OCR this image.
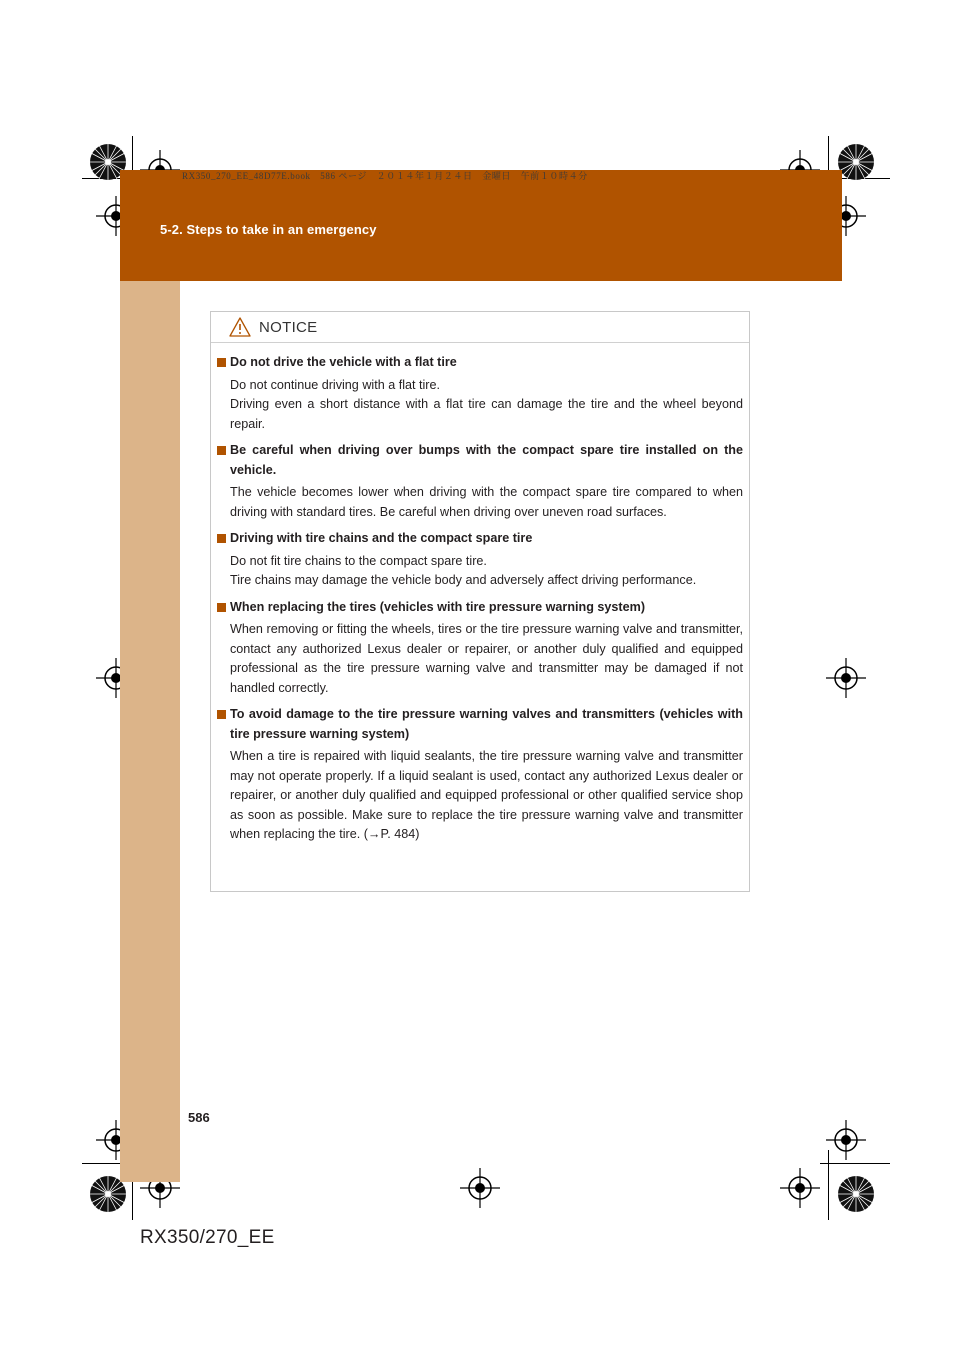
5-2. Steps to take in an emergency
RX350_270_EE_48D77E.book　586 ページ　２０１４年１月２４日　金曜日　午前１０時４分
NOTICE
Do not drive the vehicle with a flat tire

Do not continue driving with a flat tire.

Driving even a short distance with a flat tire can damage the tire and the wheel beyond repair.

Be careful when driving over bumps with the compact spare tire installed on the vehicle.

The vehicle becomes lower when driving with the compact spare tire compared to when driving with standard tires. Be careful when driving over uneven road surfaces.

Driving with tire chains and the compact spare tire

Do not fit tire chains to the compact spare tire.

Tire chains may damage the vehicle body and adversely affect driving performance.

When replacing the tires (vehicles with tire pressure warning system)

When removing or fitting the wheels, tires or the tire pressure warning valve and transmitter, contact any authorized Lexus dealer or repairer, or another duly qualified and equipped professional as the tire pressure warning valve and transmitter may be damaged if not handled correctly.

To avoid damage to the tire pressure warning valves and transmitters (vehicles with tire pressure warning system)

When a tire is repaired with liquid sealants, the tire pressure warning valve and transmitter may not operate properly. If a liquid sealant is used, contact any authorized Lexus dealer or repairer, or another duly qualified and equipped professional or other qualified service shop as soon as possible. Make sure to replace the tire pressure warning valve and transmitter when replacing the tire. (→P. 484)

586
RX350/270_EE
